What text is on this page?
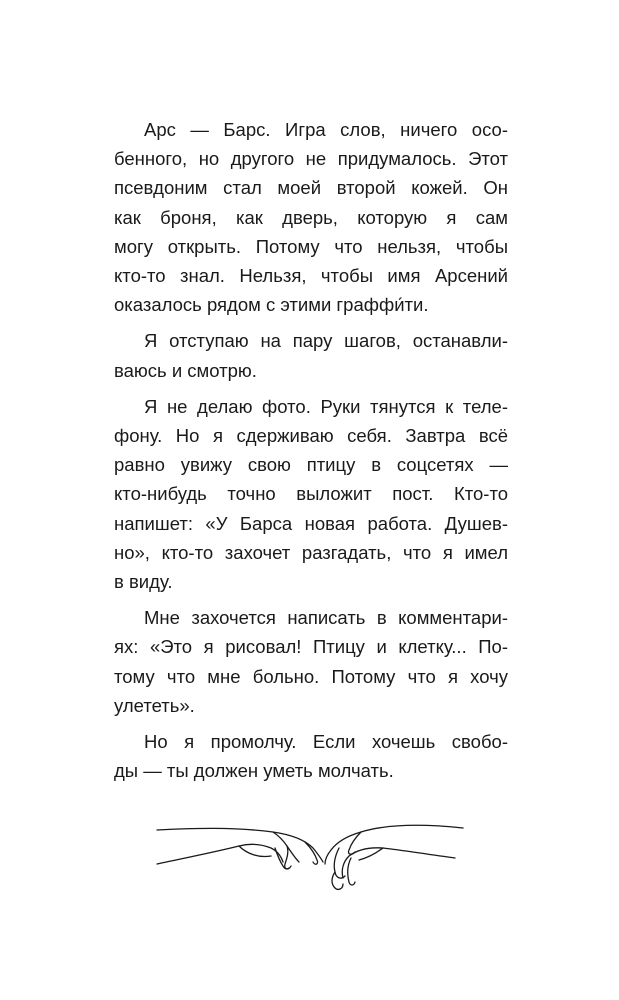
Арс — Барс. Игра слов, ничего осо-
бенного, но другого не придумалось. Этот
псевдоним стал моей второй кожей. Он
как броня, как дверь, которую я сам
могу открыть. Потому что нельзя, чтобы
кто-то знал. Нельзя, чтобы имя Арсений
оказалось рядом с этими граффи́ти.

Я отступаю на пару шагов, останавли-
ваюсь и смотрю.

Я не делаю фото. Руки тянутся к теле-
фону. Но я сдерживаю себя. Завтра всё
равно увижу свою птицу в соцсетях —
кто-нибудь точно выложит пост. Кто-то
напишет: «У Барса новая работа. Душев-
но», кто-то захочет разгадать, что я имел
в виду.

Мне захочется написать в комментари-
ях: «Это я рисовал! Птицу и клетку... По-
тому что мне больно. Потому что я хочу
улететь».

Но я промолчу. Если хочешь свобо-
ды — ты должен уметь молчать.
